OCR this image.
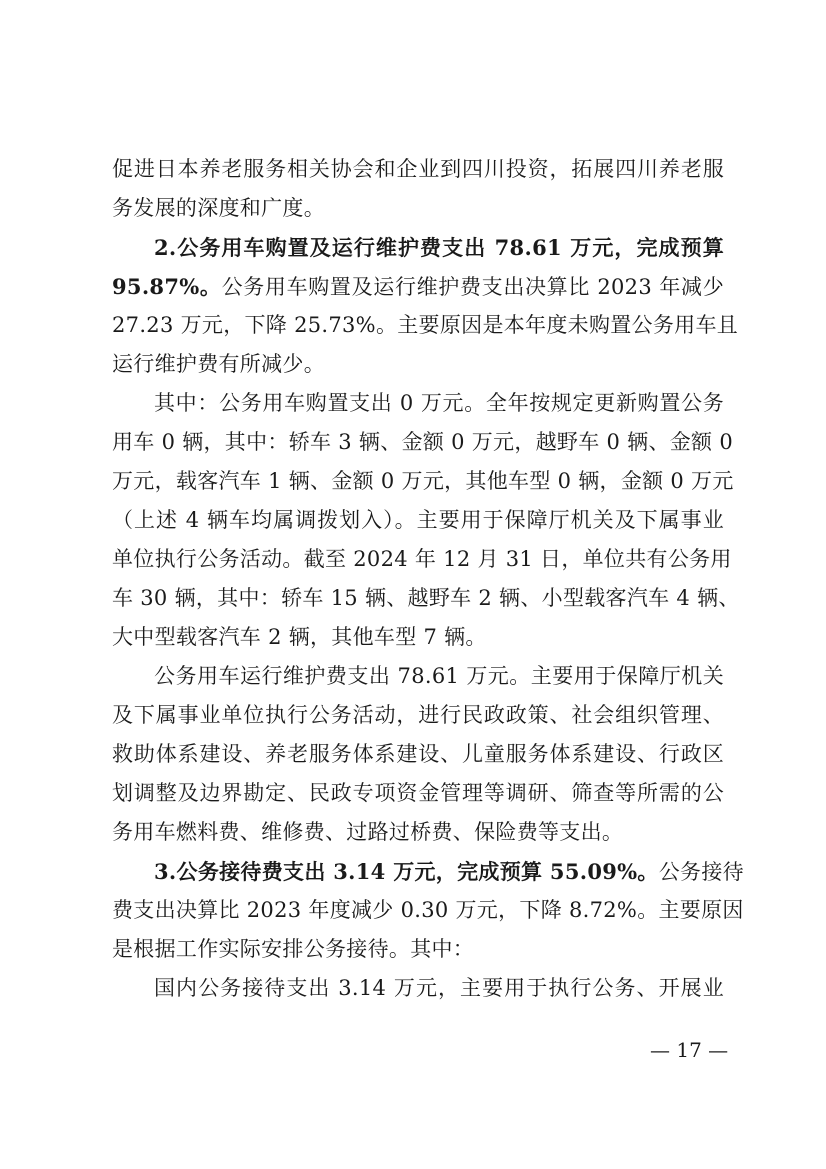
促进日本养老服务相关协会和企业到四川投资，拓展四川养老服
务发展的深度和广度。
2.公务用车购置及运行维护费支出 78.61 万元，完成预算
95.87%。公务用车购置及运行维护费支出决算比 2023 年减少
27.23 万元，下降 25.73%。主要原因是本年度未购置公务用车且
运行维护费有所减少。
其中：公务用车购置支出 0 万元。全年按规定更新购置公务
用车 0 辆，其中：轿车 3 辆、金额 0 万元，越野车 0 辆、金额 0
万元，载客汽车 1 辆、金额 0 万元，其他车型 0 辆，金额 0 万元
（上述 4 辆车均属调拨划入）。主要用于保障厅机关及下属事业
单位执行公务活动。截至 2024 年 12 月 31 日，单位共有公务用
车 30 辆，其中：轿车 15 辆、越野车 2 辆、小型载客汽车 4 辆、
大中型载客汽车 2 辆，其他车型 7 辆。
公务用车运行维护费支出 78.61 万元。主要用于保障厅机关
及下属事业单位执行公务活动，进行民政政策、社会组织管理、
救助体系建设、养老服务体系建设、儿童服务体系建设、行政区
划调整及边界勘定、民政专项资金管理等调研、筛查等所需的公
务用车燃料费、维修费、过路过桥费、保险费等支出。
3.公务接待费支出 3.14 万元，完成预算 55.09%。公务接待
费支出决算比 2023 年度减少 0.30 万元，下降 8.72%。主要原因
是根据工作实际安排公务接待。其中：
国内公务接待支出 3.14 万元，主要用于执行公务、开展业
— 17 —
